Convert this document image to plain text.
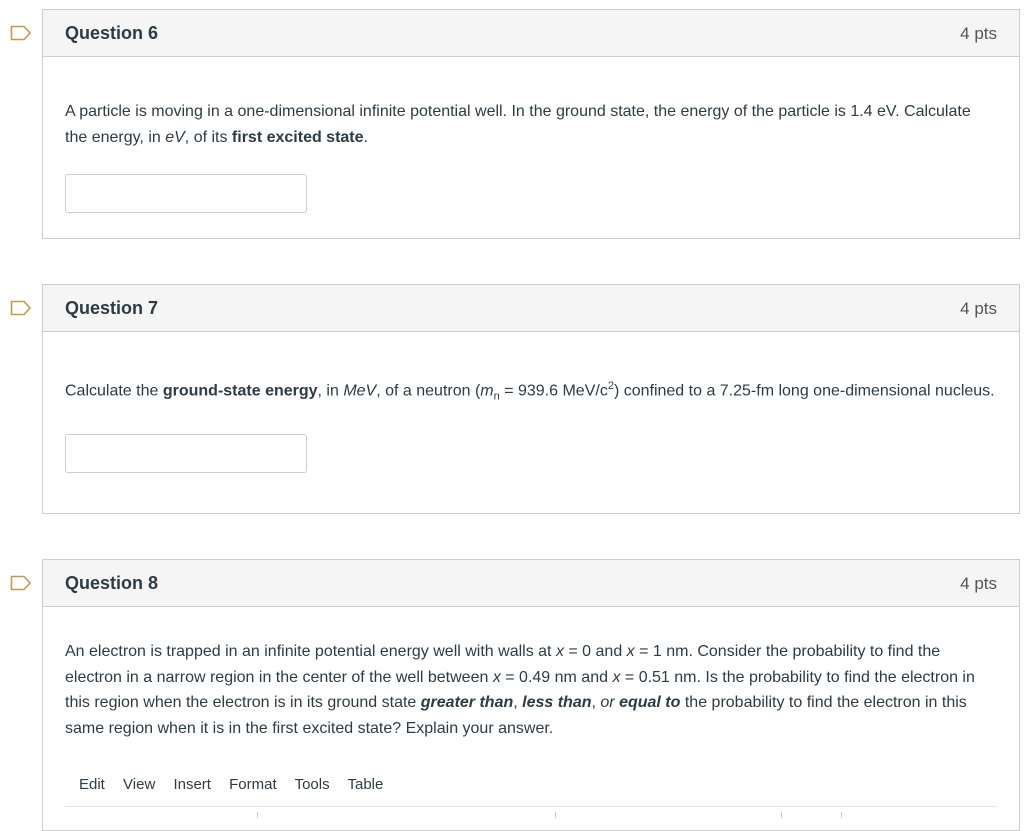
Question 6	4 pts

A particle is moving in a one-dimensional infinite potential well. In the ground state, the energy of the particle is 1.4 eV. Calculate the energy, in eV, of its first excited state.

Question 7	4 pts

Calculate the ground-state energy, in MeV, of a neutron ($m_n = 939.6$ MeV/$c^2$) confined to a 7.25-fm long one-dimensional nucleus.

Question 8	4 pts

An electron is trapped in an infinite potential energy well with walls at x = 0 and x = 1 nm. Consider the probability to find the electron in a narrow region in the center of the well between x = 0.49 nm and x = 0.51 nm. Is the probability to find the electron in this region when the electron is in its ground state greater than, less than, or equal to the probability to find the electron in this same region when it is in the first excited state? Explain your answer.

Edit View Insert Format Tools Table
